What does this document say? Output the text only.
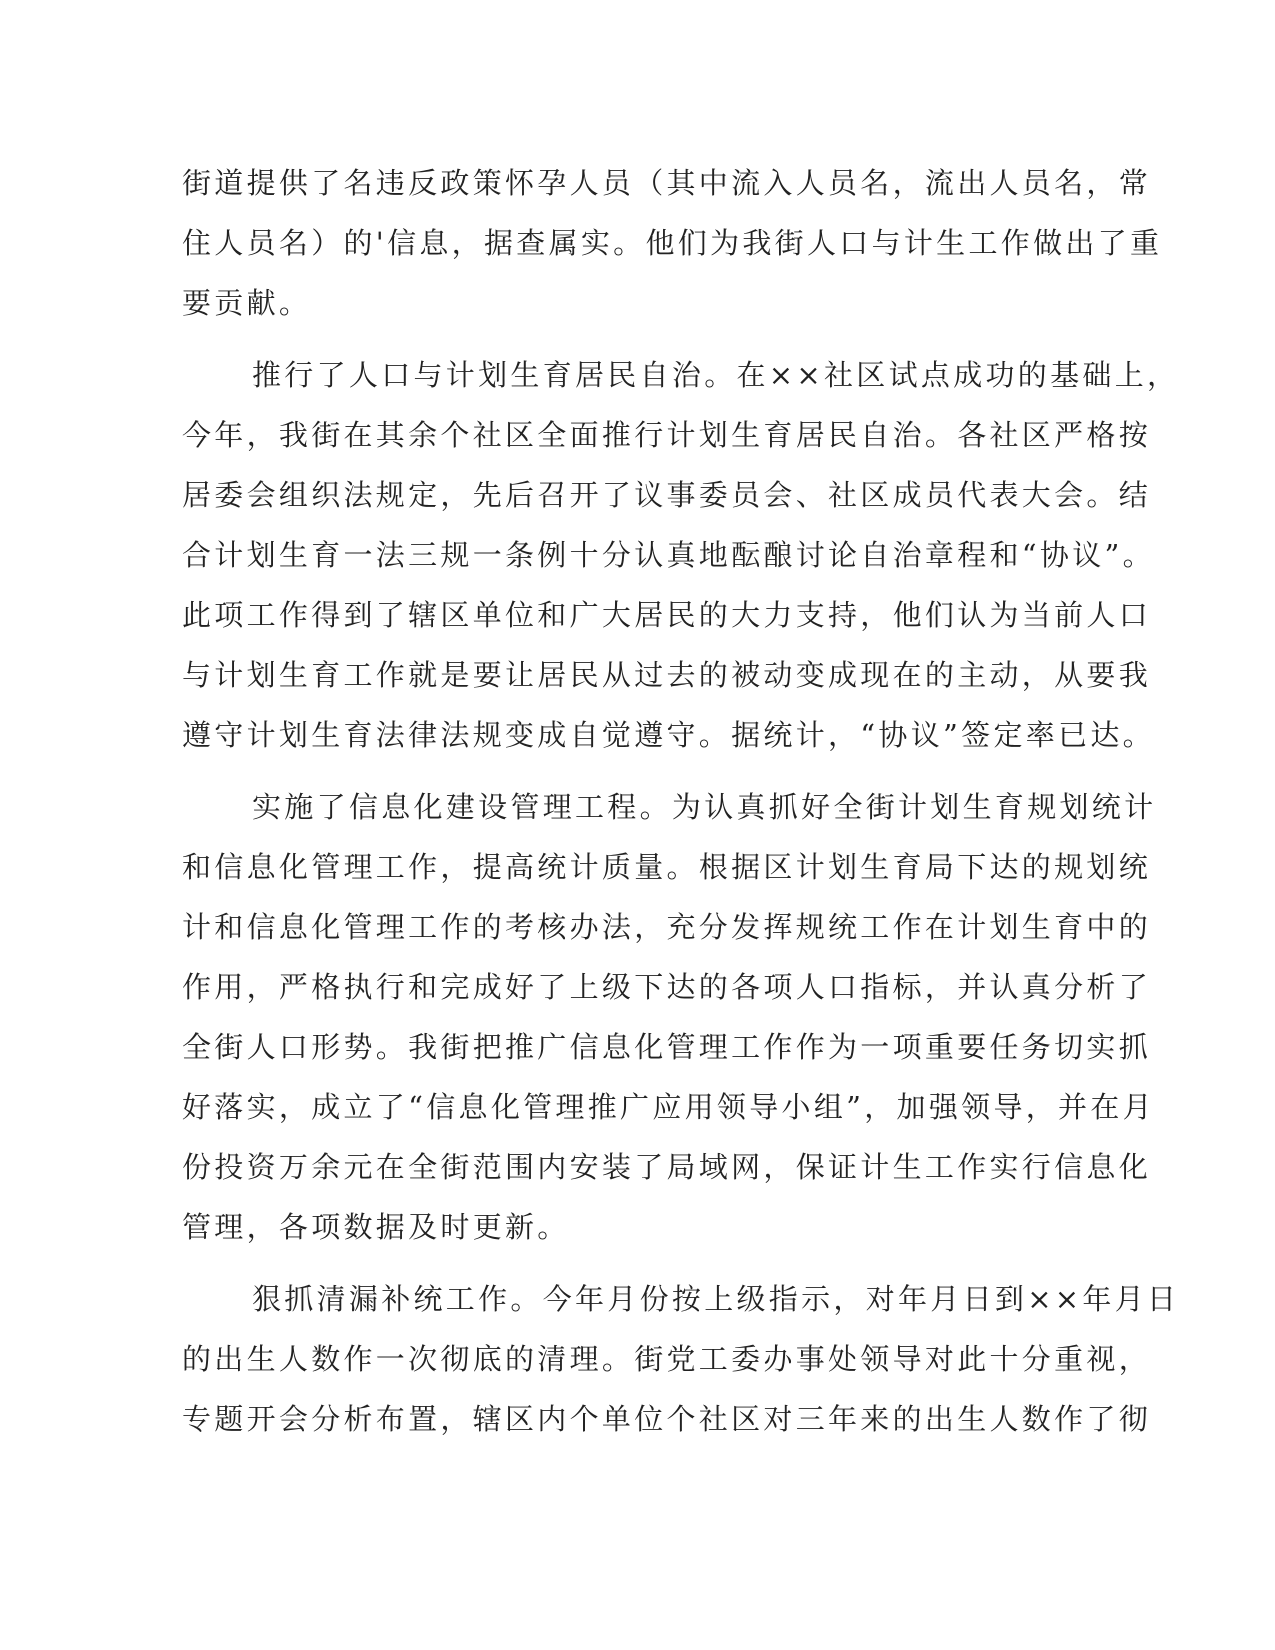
街道提供了名违反政策怀孕人员（其中流入人员名，流出人员名，常
住人员名）的'信息，据查属实。他们为我街人口与计生工作做出了重
要贡献。
推行了人口与计划生育居民自治。在××社区试点成功的基础上，
今年，我街在其余个社区全面推行计划生育居民自治。各社区严格按
居委会组织法规定，先后召开了议事委员会、社区成员代表大会。结
合计划生育一法三规一条例十分认真地酝酿讨论自治章程和“协议”。
此项工作得到了辖区单位和广大居民的大力支持，他们认为当前人口
与计划生育工作就是要让居民从过去的被动变成现在的主动，从要我
遵守计划生育法律法规变成自觉遵守。据统计，“协议”签定率已达。
实施了信息化建设管理工程。为认真抓好全街计划生育规划统计
和信息化管理工作，提高统计质量。根据区计划生育局下达的规划统
计和信息化管理工作的考核办法，充分发挥规统工作在计划生育中的
作用，严格执行和完成好了上级下达的各项人口指标，并认真分析了
全街人口形势。我街把推广信息化管理工作作为一项重要任务切实抓
好落实，成立了“信息化管理推广应用领导小组”，加强领导，并在月
份投资万余元在全街范围内安装了局域网，保证计生工作实行信息化
管理，各项数据及时更新。
狠抓清漏补统工作。今年月份按上级指示，对年月日到××年月日
的出生人数作一次彻底的清理。街党工委办事处领导对此十分重视，
专题开会分析布置，辖区内个单位个社区对三年来的出生人数作了彻
